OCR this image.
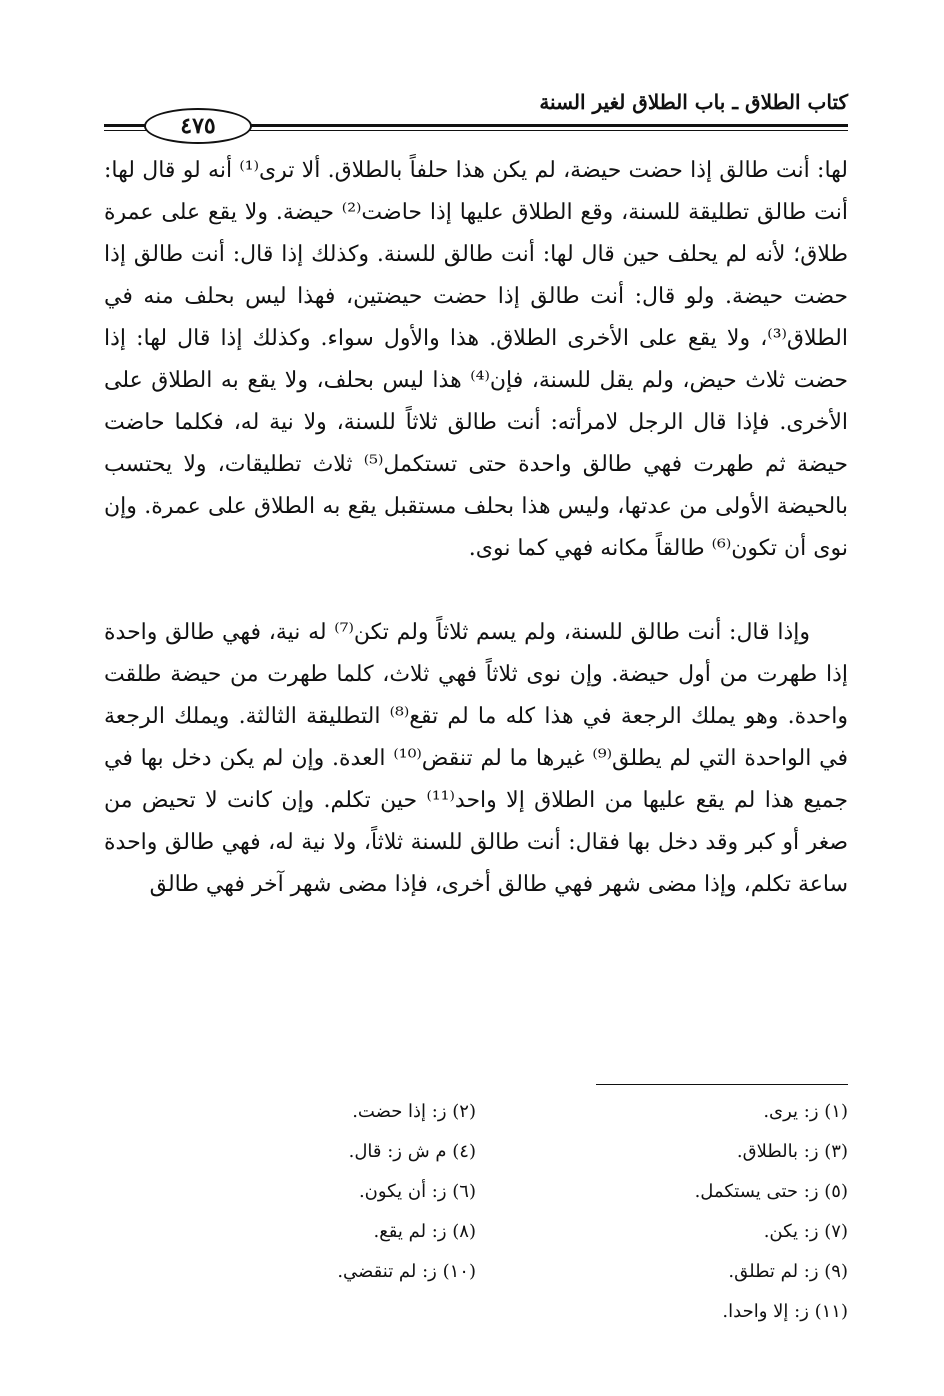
كتاب الطلاق ـ باب الطلاق لغير السنة
٤٧٥

لها: أنت طالق إذا حضت حيضة، لم يكن هذا حلفاً بالطلاق. ألا ترى⁽¹⁾ أنه لو قال لها: أنت طالق تطليقة للسنة، وقع الطلاق عليها إذا حاضت⁽²⁾ حيضة. ولا يقع على عمرة طلاق؛ لأنه لم يحلف حين قال لها: أنت طالق للسنة. وكذلك إذا قال: أنت طالق إذا حضت حيضة. ولو قال: أنت طالق إذا حضت حيضتين، فهذا ليس بحلف منه في الطلاق⁽³⁾، ولا يقع على الأخرى الطلاق. هذا والأول سواء. وكذلك إذا قال لها: إذا حضت ثلاث حيض، ولم يقل للسنة، فإن⁽⁴⁾ هذا ليس بحلف، ولا يقع به الطلاق على الأخرى. فإذا قال الرجل لامرأته: أنت طالق ثلاثاً للسنة، ولا نية له، فكلما حاضت حيضة ثم طهرت فهي طالق واحدة حتى تستكمل⁽⁵⁾ ثلاث تطليقات، ولا يحتسب بالحيضة الأولى من عدتها، وليس هذا بحلف مستقبل يقع به الطلاق على عمرة. وإن نوى أن تكون⁽⁶⁾ طالقاً مكانه فهي كما نوى.

وإذا قال: أنت طالق للسنة، ولم يسم ثلاثاً ولم تكن⁽⁷⁾ له نية، فهي طالق واحدة إذا طهرت من أول حيضة. وإن نوى ثلاثاً فهي ثلاث، كلما طهرت من حيضة طلقت واحدة. وهو يملك الرجعة في هذا كله ما لم تقع⁽⁸⁾ التطليقة الثالثة. ويملك الرجعة في الواحدة التي لم يطلق⁽⁹⁾ غيرها ما لم تنقض⁽¹⁰⁾ العدة. وإن لم يكن دخل بها في جميع هذا لم يقع عليها من الطلاق إلا واحد⁽¹¹⁾ حين تكلم. وإن كانت لا تحيض من صغر أو كبر وقد دخل بها فقال: أنت طالق للسنة ثلاثاً، ولا نية له، فهي طالق واحدة ساعة تكلم، وإذا مضى شهر فهي طالق أخرى، فإذا مضى شهر آخر فهي طالق

(١) ز: يرى.
(٢) ز: إذا حضت.
(٣) ز: بالطلاق.
(٤) م ش ز: قال.
(٥) ز: حتى يستكمل.
(٦) ز: أن يكون.
(٧) ز: يكن.
(٨) ز: لم يقع.
(٩) ز: لم تطلق.
(١٠) ز: لم تنقضي.
(١١) ز: إلا واحدا.
